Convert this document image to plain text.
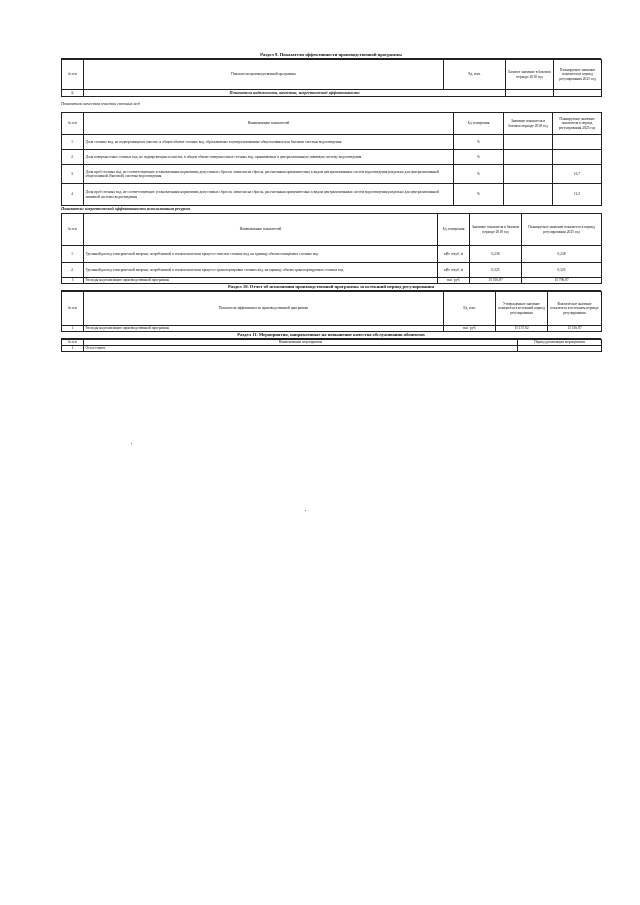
Раздел 9. Показатели эффективности производственной программы
№ п/п	Показатели производственной программы	Ед. изм.	Базовое значение в базовом периоде 2018 год	Планируемое значение показателя в период регулирования 2025 год
1.	Показатели надежности, качества, энергетической эффективности			
Показатели качества очистки сточных вод
№ п/п	Наименование показателей	Ед. измерения	Значение показателя в базовом периоде 2018 год	Планируемое значение показателя в период регулирования 2025 год
1.	Доля сточных вод, не подвергающихся очистке, в общем объеме сточных вод, сбрасываемых в централизованные общесплавные или бытовые системы водоотведения	%		
2.	Доля поверхностных сточных вод, не подвергающихся очистке, в общем объеме поверхностных сточных вод, принимаемых в централизованную ливневую систему водоотведения	%		
3.	Доля проб сточных вод, не соответствующих установленным нормативам допустимых сбросов, лимитам на сбросы, рассчитанная применительно к видам централизованных систем водоотведения раздельно для централизованной общесплавной (бытовой) системы водоотведения	%		16,7
4.	Доля проб сточных вод, не соответствующих установленным нормативам допустимых сбросов, лимитам на сбросы, рассчитанная применительно к видам централизованных систем водоотведения раздельно для централизованной ливневой системы водоотведения	%		12,5
Показатели энергетической эффективности использования ресурсов
№ п/п	Наименование показателей	Ед. измерения	Значение показателя в базовом периоде 2018 год	Планируемое значение показателя в период регулирования 2025 год
1.	Удельный расход электрической энергии, потребляемой в технологическом процессе очистки сточных вод, на единицу объема очищаемых сточных вод	кВт·ч/куб. м	0,238	0,238
2.	Удельный расход электрической энергии, потребляемой в технологическом процессе транспортировки сточных вод, на единицу объема транспортируемых сточных вод	кВт·ч/куб. м	0,325	0,325
3	Расходы на реализацию производственной программы	тыс. руб.	15 516,87	15 796,87
Раздел 10. Отчет об исполнении производственной программы за истекший период регулирования
№ п/п	Показатели эффективности производственной программы	Ед. изм.	Утвержденное значение показателя в истекший период регулирования	Фактическое значение показателя в истекшем периоде регулирования
1	Расходы на реализацию производственной программы	тыс. руб.	15 157,82	15 516,87
Раздел 11. Мероприятия, направленные на повышение качества обслуживания абонентов
№ п/п	Наименование мероприятия	Период реализации мероприятия
1	Отсутствуют	
